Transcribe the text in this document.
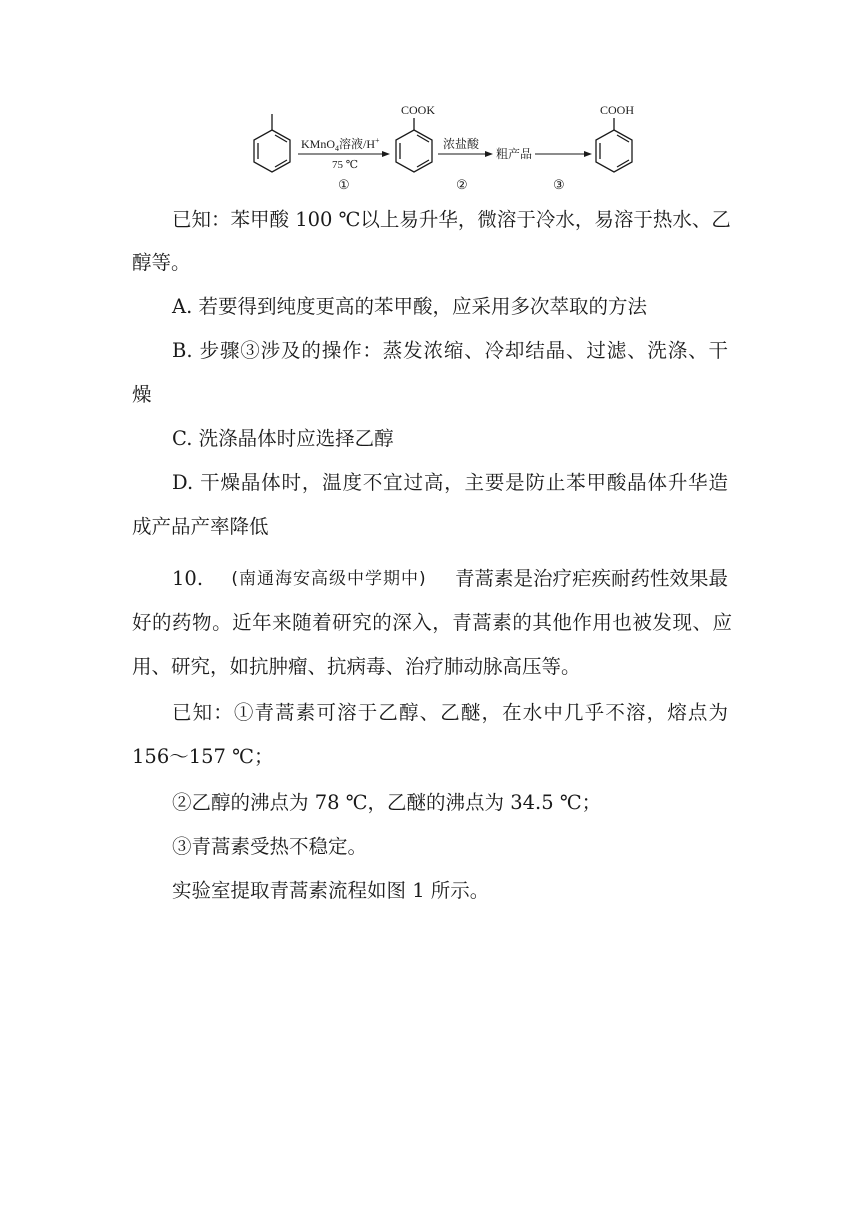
KMnO$_4$溶液/H+
75 ℃
①
COOK
浓盐酸
②
粗产品
③
COOH
已知：苯甲酸 100 ℃以上易升华，微溶于冷水，易溶于热水、乙
醇等。
A. 若要得到纯度更高的苯甲酸，应采用多次萃取的方法
B. 步骤③涉及的操作：蒸发浓缩、冷却结晶、过滤、洗涤、干
燥
C. 洗涤晶体时应选择乙醇
D. 干燥晶体时，温度不宜过高，主要是防止苯甲酸晶体升华造
成产品产率降低
10. (南通海安高级中学期中) 青蒿素是治疗疟疾耐药性效果最
好的药物。近年来随着研究的深入，青蒿素的其他作用也被发现、应
用、研究，如抗肿瘤、抗病毒、治疗肺动脉高压等。
已知：①青蒿素可溶于乙醇、乙醚，在水中几乎不溶，熔点为
156～157 ℃；
②乙醇的沸点为 78 ℃，乙醚的沸点为 34.5 ℃；
③青蒿素受热不稳定。
实验室提取青蒿素流程如图 1 所示。
